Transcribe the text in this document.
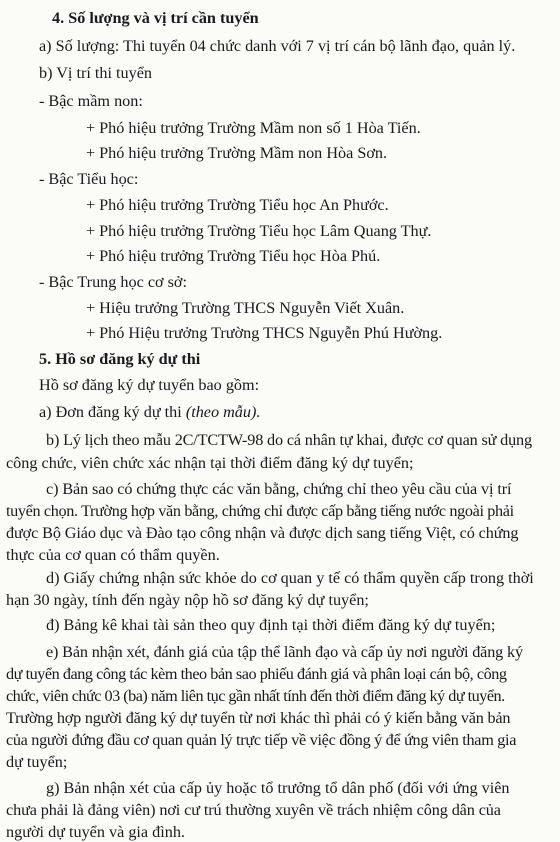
4. Số lượng và vị trí cần tuyển
a) Số lượng: Thi tuyển 04 chức danh với 7 vị trí cán bộ lãnh đạo, quản lý.
b) Vị trí thi tuyển
- Bậc mầm non:
+ Phó hiệu trưởng Trường Mầm non số 1 Hòa Tiến.
+ Phó hiệu trưởng Trường Mầm non Hòa Sơn.
- Bậc Tiểu học:
+ Phó hiệu trưởng Trường Tiểu học An Phước.
+ Phó hiệu trưởng Trường Tiểu học Lâm Quang Thự.
+ Phó hiệu trưởng Trường Tiểu học Hòa Phú.
- Bậc Trung học cơ sở:
+ Hiệu trưởng Trường THCS Nguyễn Viết Xuân.
+ Phó Hiệu trưởng Trường THCS Nguyễn Phú Hường.
5. Hồ sơ đăng ký dự thi
Hồ sơ đăng ký dự tuyển bao gồm:
a) Đơn đăng ký dự thi (theo mẫu).
b) Lý lịch theo mẫu 2C/TCTW-98 do cá nhân tự khai, được cơ quan sử dụng
công chức, viên chức xác nhận tại thời điểm đăng ký dự tuyển;
c) Bản sao có chứng thực các văn bằng, chứng chỉ theo yêu cầu của vị trí
tuyển chọn. Trường hợp văn bằng, chứng chỉ được cấp bằng tiếng nước ngoài phải
được Bộ Giáo dục và Đào tạo công nhận và được dịch sang tiếng Việt, có chứng
thực của cơ quan có thẩm quyền.
d) Giấy chứng nhận sức khỏe do cơ quan y tế có thẩm quyền cấp trong thời
hạn 30 ngày, tính đến ngày nộp hồ sơ đăng ký dự tuyển;
đ) Bảng kê khai tài sản theo quy định tại thời điểm đăng ký dự tuyển;
e) Bản nhận xét, đánh giá của tập thể lãnh đạo và cấp ủy nơi người đăng ký
dự tuyển đang công tác kèm theo bản sao phiếu đánh giá và phân loại cán bộ, công
chức, viên chức 03 (ba) năm liên tục gần nhất tính đến thời điểm đăng ký dự tuyển.
Trường hợp người đăng ký dự tuyển từ nơi khác thì phải có ý kiến bằng văn bản
của người đứng đầu cơ quan quản lý trực tiếp về việc đồng ý để ứng viên tham gia
dự tuyển;
g) Bản nhận xét của cấp ủy hoặc tổ trưởng tổ dân phố (đối với ứng viên
chưa phải là đảng viên) nơi cư trú thường xuyên về trách nhiệm công dân của
người dự tuyển và gia đình.
